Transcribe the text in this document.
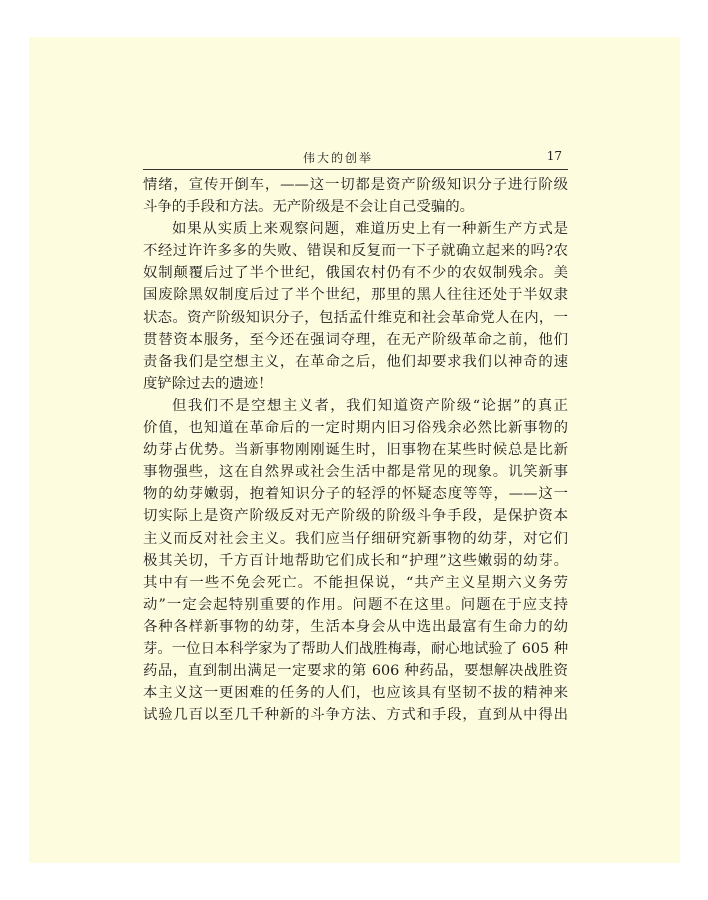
伟大的创举	17
情绪，宣传开倒车，——这一切都是资产阶级知识分子进行阶级
斗争的手段和方法。无产阶级是不会让自己受骗的。
如果从实质上来观察问题，难道历史上有一种新生产方式是
不经过许许多多的失败、错误和反复而一下子就确立起来的吗?农
奴制颠覆后过了半个世纪，俄国农村仍有不少的农奴制残余。美
国废除黑奴制度后过了半个世纪，那里的黑人往往还处于半奴隶
状态。资产阶级知识分子，包括孟什维克和社会革命党人在内，一
贯替资本服务，至今还在强词夺理，在无产阶级革命之前，他们
责备我们是空想主义，在革命之后，他们却要求我们以神奇的速
度铲除过去的遗迹！
但我们不是空想主义者，我们知道资产阶级“论据”的真正
价值，也知道在革命后的一定时期内旧习俗残余必然比新事物的
幼芽占优势。当新事物刚刚诞生时，旧事物在某些时候总是比新
事物强些，这在自然界或社会生活中都是常见的现象。讥笑新事
物的幼芽嫩弱，抱着知识分子的轻浮的怀疑态度等等，——这一
切实际上是资产阶级反对无产阶级的阶级斗争手段，是保护资本
主义而反对社会主义。我们应当仔细研究新事物的幼芽，对它们
极其关切，千方百计地帮助它们成长和“护理”这些嫩弱的幼芽。
其中有一些不免会死亡。不能担保说，“共产主义星期六义务劳
动”一定会起特别重要的作用。问题不在这里。问题在于应支持
各种各样新事物的幼芽，生活本身会从中选出最富有生命力的幼
芽。一位日本科学家为了帮助人们战胜梅毒，耐心地试验了 605 种
药品，直到制出满足一定要求的第 606 种药品，要想解决战胜资
本主义这一更困难的任务的人们，也应该具有坚韧不拔的精神来
试验几百以至几千种新的斗争方法、方式和手段，直到从中得出
